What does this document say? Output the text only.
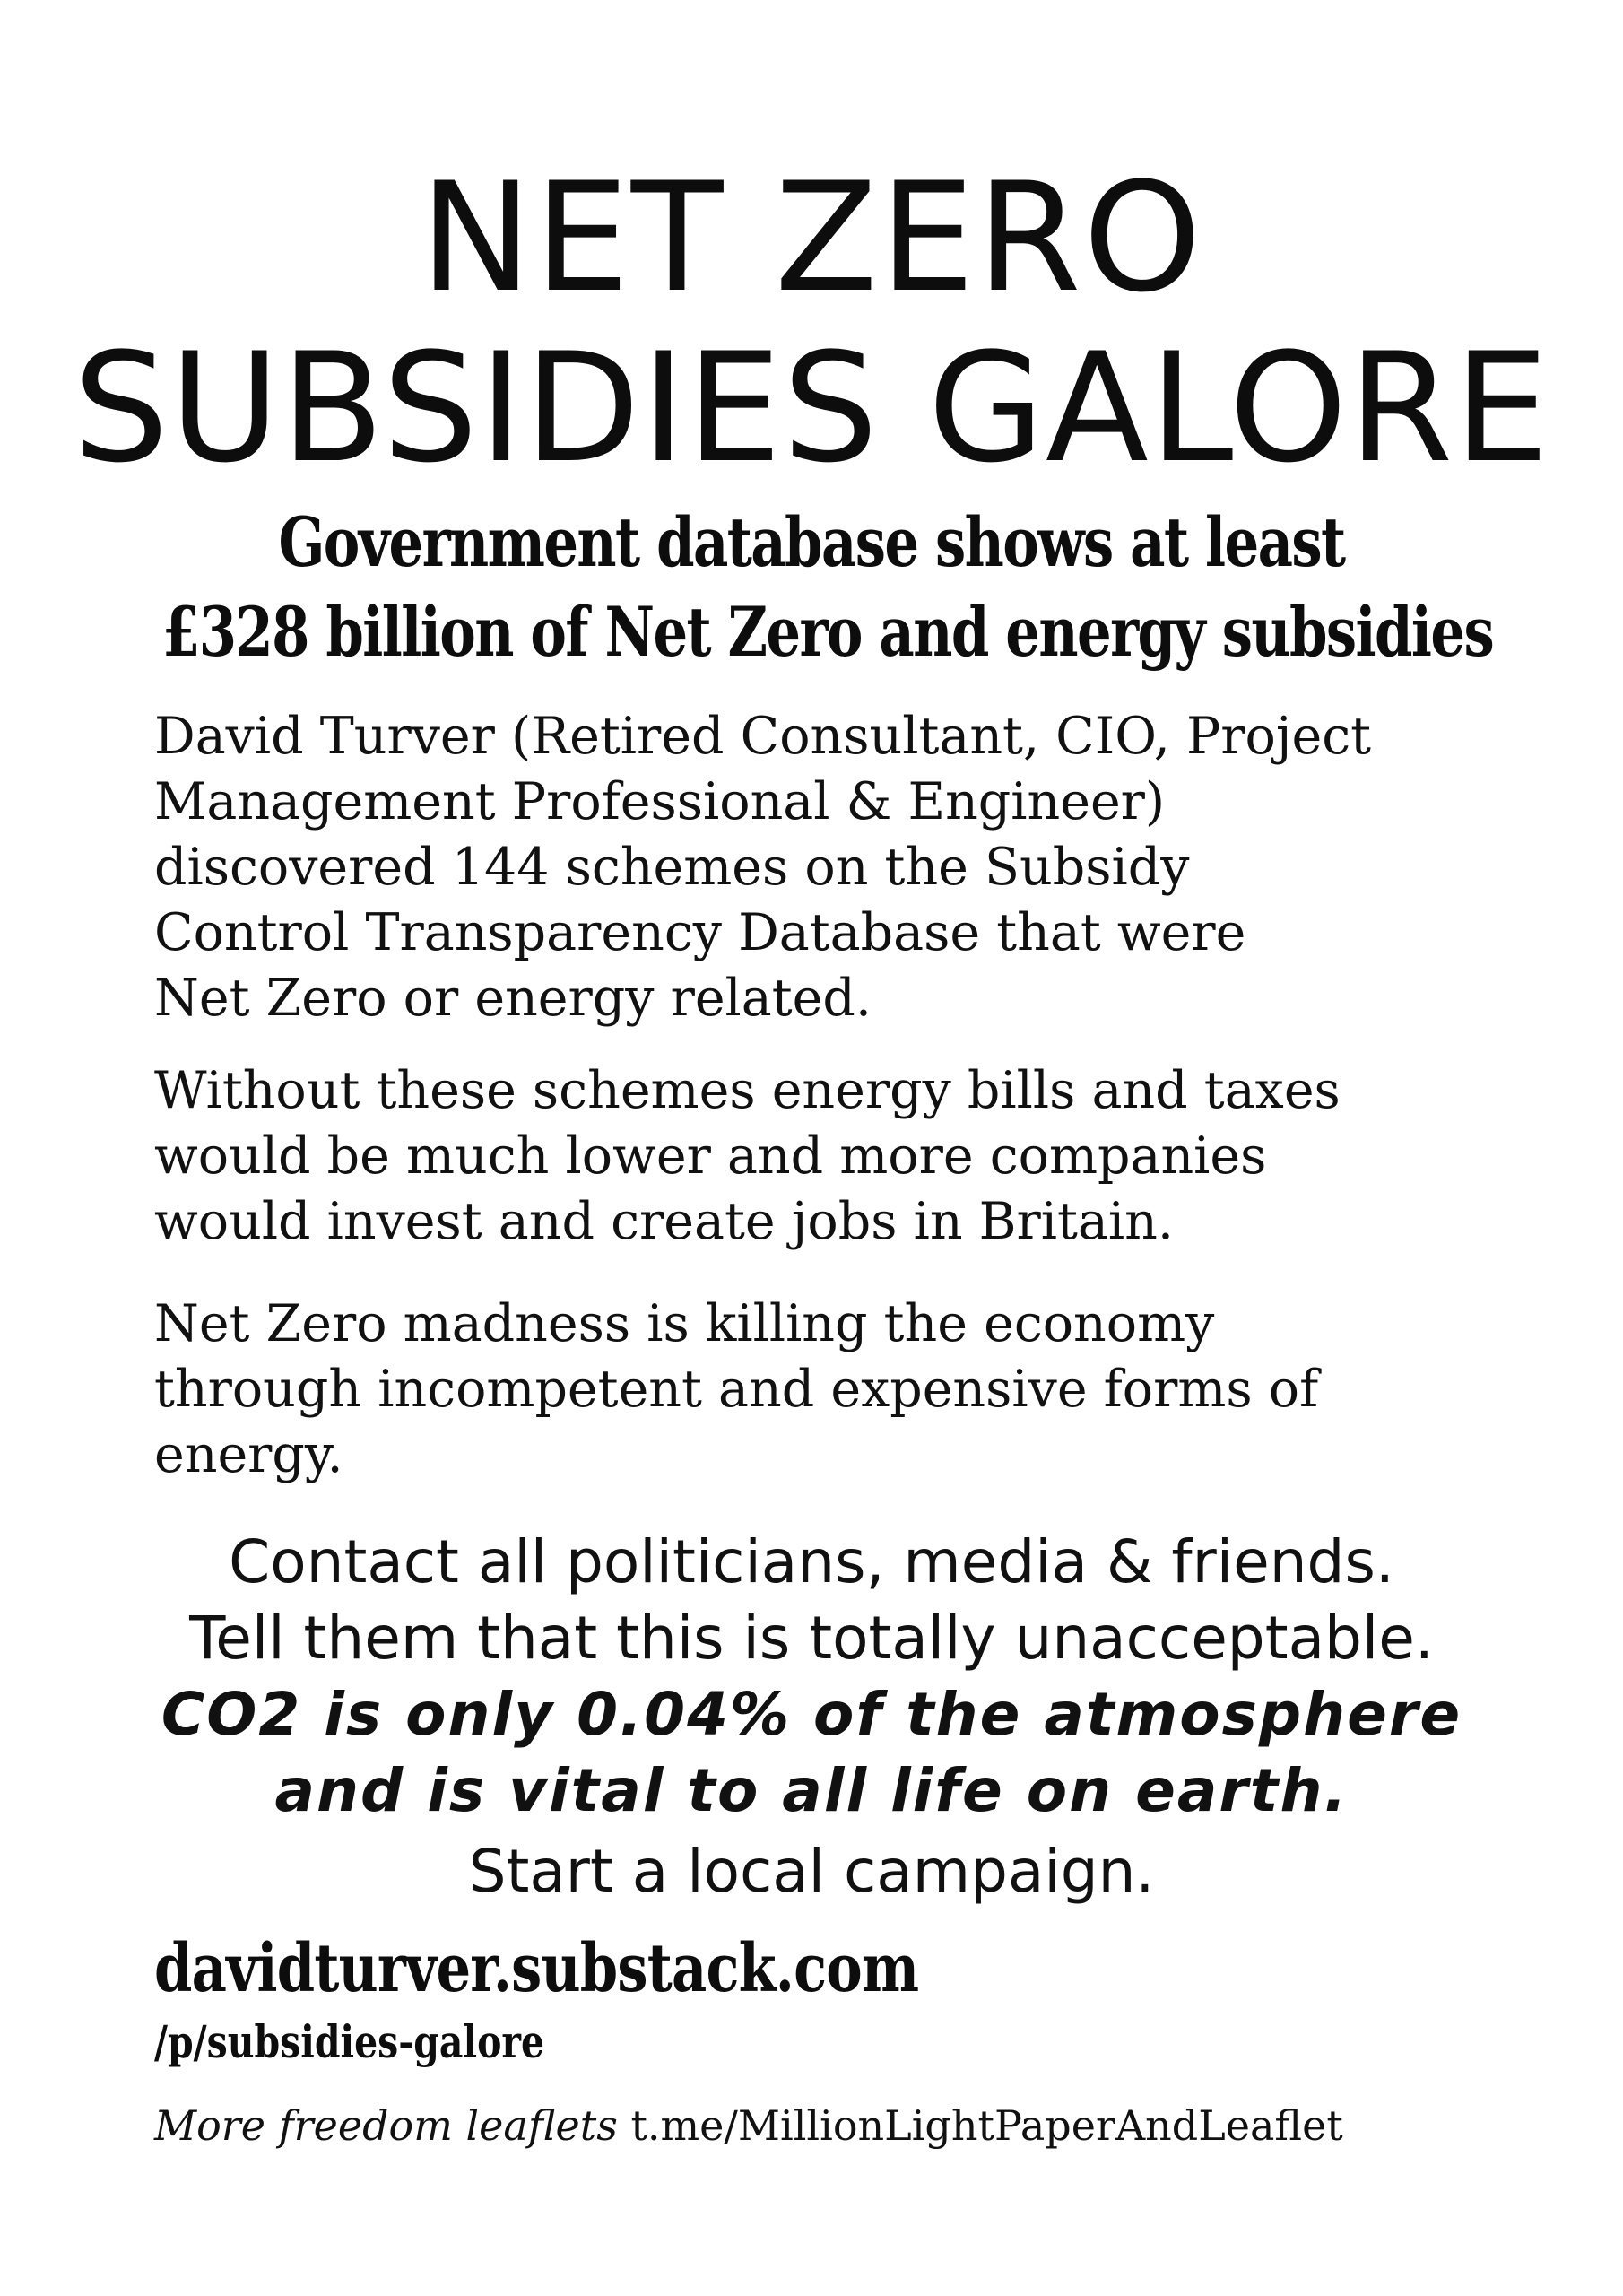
NET ZERO
SUBSIDIES GALORE
Government database shows at least
£328 billion of Net Zero and energy subsidies
David Turver (Retired Consultant, CIO, Project
Management Professional & Engineer)
discovered 144 schemes on the Subsidy
Control Transparency Database that were
Net Zero or energy related.
Without these schemes energy bills and taxes
would be much lower and more companies
would invest and create jobs in Britain.
Net Zero madness is killing the economy
through incompetent and expensive forms of
energy.
Contact all politicians, media & friends.
Tell them that this is totally unacceptable.
CO2 is only 0.04% of the atmosphere
and is vital to all life on earth.
Start a local campaign.
davidturver.substack.com
/p/subsidies-galore
More freedom leaflets t.me/MillionLightPaperAndLeaflet
